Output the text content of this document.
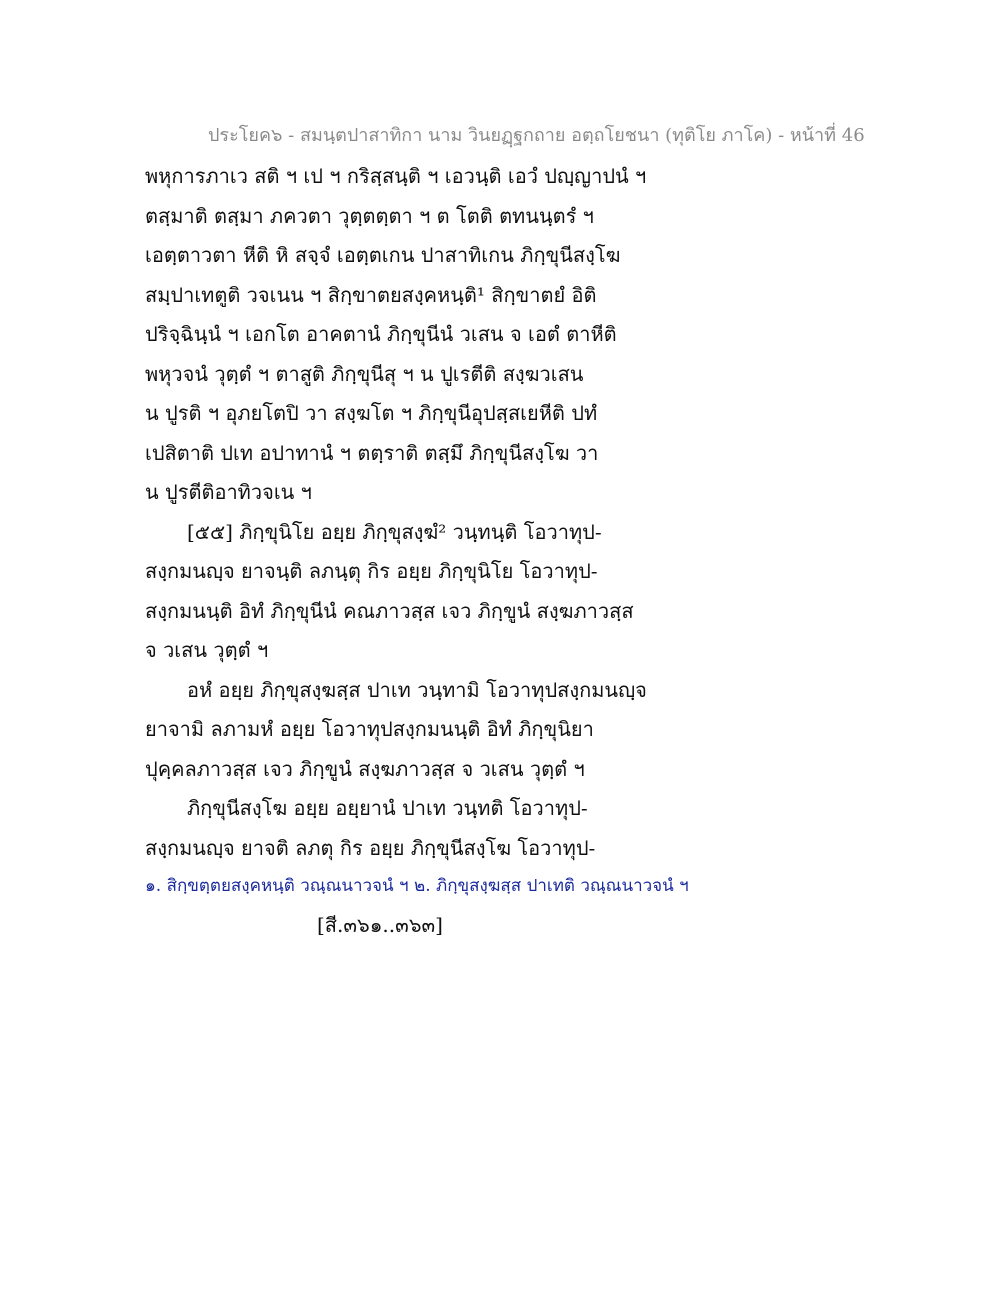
ประโยค๖ - สมนฺตปาสาทิกา นาม วินยฏฺฐกถาย อตฺถโยชนา (ทุติโย ภาโค) - หน้าที่ 46
พหุการภาเว สติ ฯ เป ฯ กริสฺสนฺติ ฯ เอวนฺติ เอวํ ปญฺญาปนํ ฯ
ตสฺมาติ ตสฺมา ภควตา วุตฺตตฺตา ฯ ต โตติ ตทนนฺตรํ ฯ
เอตฺตาวตา หีติ หิ สจฺจํ เอตฺตเกน ปาสาทิเกน ภิกฺขุนีสงฺโฆ
สมฺปาเทตูติ วจเนน ฯ สิกฺขาตยสงฺคหนฺติ¹ สิกฺขาตยํ อิติ
ปริจฺฉินฺนํ ฯ เอกโต อาคตานํ ภิกฺขุนีนํ วเสน จ เอตํ ตาหีติ
พหุวจนํ วุตฺตํ ฯ ตาสูติ ภิกฺขุนีสุ ฯ น ปูเรตีติ สงฺฆวเสน
น ปูรติ ฯ อุภยโตปิ วา สงฺฆโต ฯ ภิกฺขุนีอุปสฺสเยหีติ ปทํ
เปสิตาติ ปเท อปาทานํ ฯ ตตฺราติ ตสฺมึ ภิกฺขุนีสงฺโฆ วา
น ปูรตีติอาทิวจเน ฯ
[๕๕] ภิกฺขุนิโย อยฺย ภิกฺขุสงฺฆํ² วนฺทนฺติ โอวาทุป-
สงฺกมนญฺจ ยาจนฺติ ลภนฺตุ กิร อยฺย ภิกฺขุนิโย โอวาทุป-
สงฺกมนนฺติ อิทํ ภิกฺขุนีนํ คณภาวสฺส เจว ภิกฺขูนํ สงฺฆภาวสฺส
จ วเสน วุตฺตํ ฯ
อหํ อยฺย ภิกฺขุสงฺฆสฺส ปาเท วนฺทามิ โอวาทุปสงฺกมนญฺจ
ยาจามิ ลภามหํ อยฺย โอวาทุปสงฺกมนนฺติ อิทํ ภิกฺขุนิยา
ปุคฺคลภาวสฺส เจว ภิกฺขูนํ สงฺฆภาวสฺส จ วเสน วุตฺตํ ฯ
ภิกฺขุนีสงฺโฆ อยฺย อยฺยานํ ปาเท วนฺทติ โอวาทุป-
สงฺกมนญฺจ ยาจติ ลภตุ กิร อยฺย ภิกฺขุนีสงฺโฆ โอวาทุป-
๑. สิกฺขตฺตยสงฺคหนฺติ วณฺณนาวจนํ ฯ ๒. ภิกฺขุสงฺฆสฺส ปาเทติ วณฺณนาวจนํ ฯ
[สี.๓๖๑..๓๖๓]
